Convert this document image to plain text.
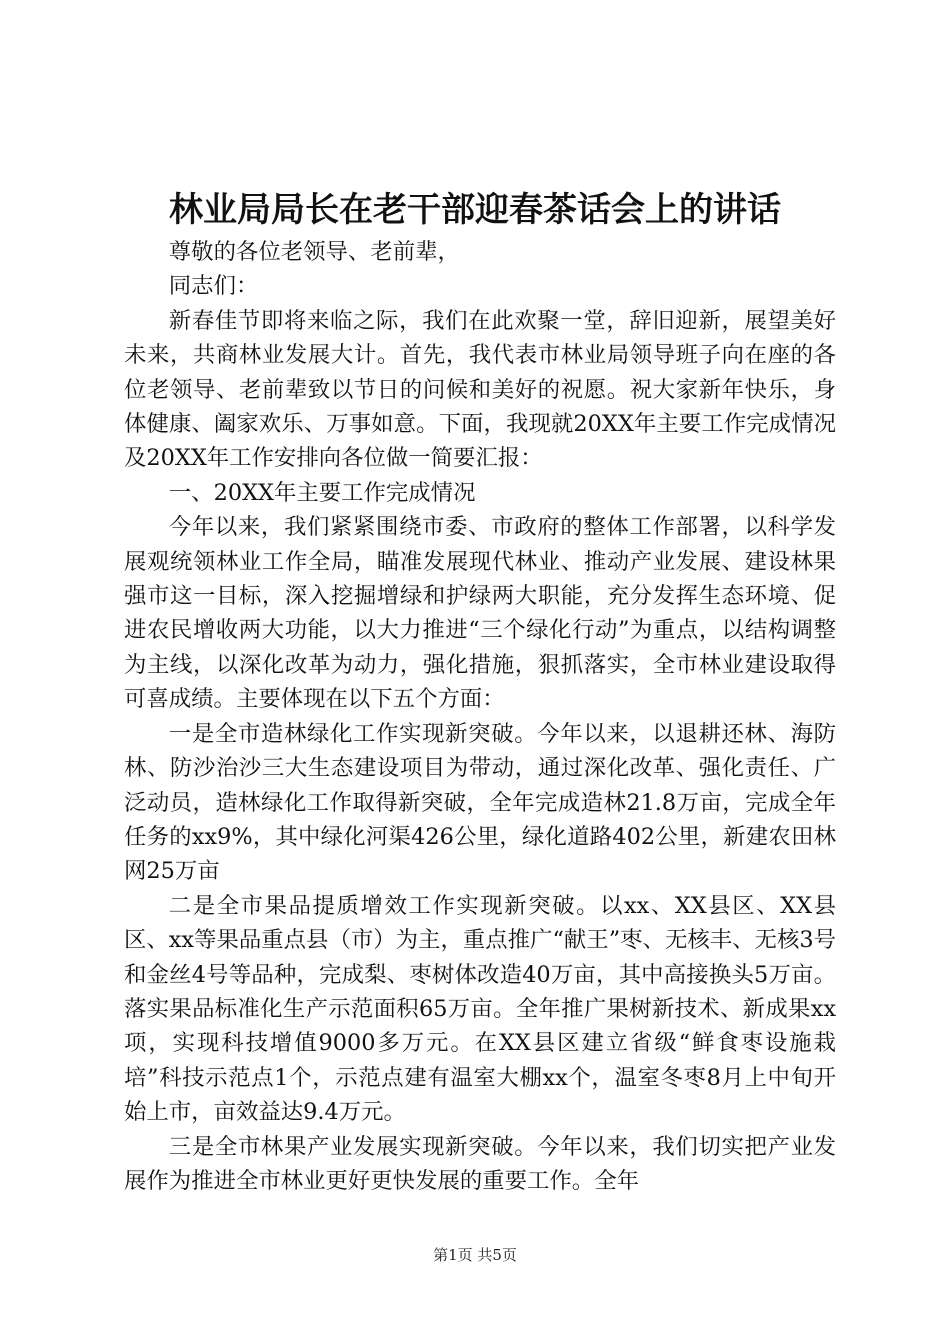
林业局局长在老干部迎春茶话会上的讲话

尊敬的各位老领导、老前辈，

同志们：

新春佳节即将来临之际，我们在此欢聚一堂，辞旧迎新，展望美好未来，共商林业发展大计。首先，我代表市林业局领导班子向在座的各位老领导、老前辈致以节日的问候和美好的祝愿。祝大家新年快乐，身体健康、阖家欢乐、万事如意。下面，我现就20XX年主要工作完成情况及20XX年工作安排向各位做一简要汇报：

一、20XX年主要工作完成情况

今年以来，我们紧紧围绕市委、市政府的整体工作部署，以科学发展观统领林业工作全局，瞄准发展现代林业、推动产业发展、建设林果强市这一目标，深入挖掘增绿和护绿两大职能，充分发挥生态环境、促进农民增收两大功能，以大力推进“三个绿化行动”为重点，以结构调整为主线，以深化改革为动力，强化措施，狠抓落实，全市林业建设取得可喜成绩。主要体现在以下五个方面：

一是全市造林绿化工作实现新突破。今年以来，以退耕还林、海防林、防沙治沙三大生态建设项目为带动，通过深化改革、强化责任、广泛动员，造林绿化工作取得新突破，全年完成造林21.8万亩，完成全年任务的xx9%，其中绿化河渠426公里，绿化道路402公里，新建农田林网25万亩

二是全市果品提质增效工作实现新突破。以xx、XX县区、XX县区、xx等果品重点县（市）为主，重点推广“献王”枣、无核丰、无核3号和金丝4号等品种，完成梨、枣树体改造40万亩，其中高接换头5万亩。落实果品标准化生产示范面积65万亩。全年推广果树新技术、新成果xx项，实现科技增值9000多万元。在XX县区建立省级“鲜食枣设施栽培”科技示范点1个，示范点建有温室大棚xx个，温室冬枣8月上中旬开始上市，亩效益达9.4万元。

三是全市林果产业发展实现新突破。今年以来，我们切实把产业发展作为推进全市林业更好更快发展的重要工作。全年

第1页 共5页
